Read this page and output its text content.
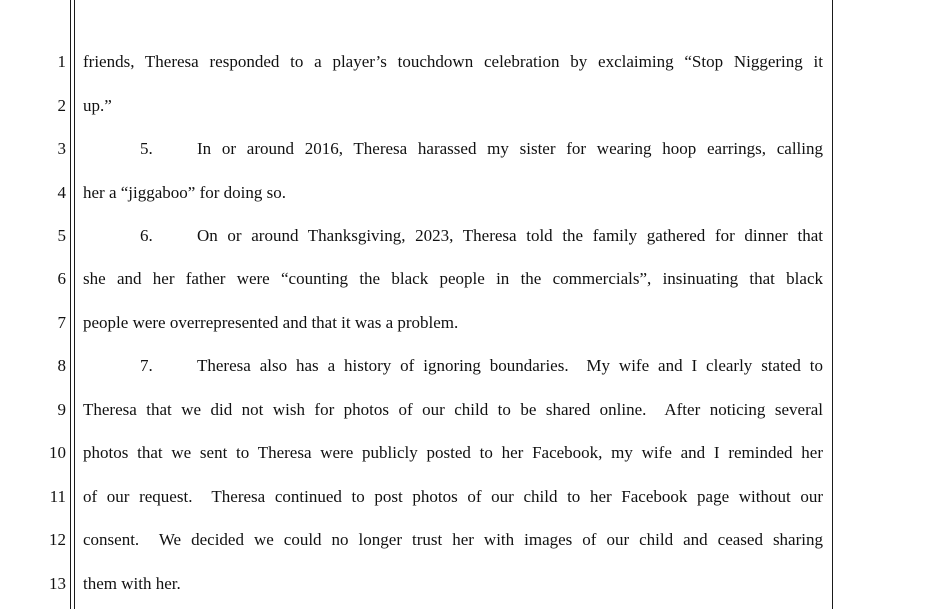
1
2
3
4
5
6
7
8
9
10
11
12
13
friends, Theresa responded to a player’s touchdown celebration by exclaiming “Stop Niggering it
up.”
5.	In or around 2016, Theresa harassed my sister for wearing hoop earrings, calling
her a “jiggaboo” for doing so.
6.	On or around Thanksgiving, 2023, Theresa told the family gathered for dinner that
she and her father were “counting the black people in the commercials”, insinuating that black
people were overrepresented and that it was a problem.
7.	Theresa also has a history of ignoring boundaries.  My wife and I clearly stated to
Theresa that we did not wish for photos of our child to be shared online.  After noticing several
photos that we sent to Theresa were publicly posted to her Facebook, my wife and I reminded her
of our request.  Theresa continued to post photos of our child to her Facebook page without our
consent.  We decided we could no longer trust her with images of our child and ceased sharing
them with her.
